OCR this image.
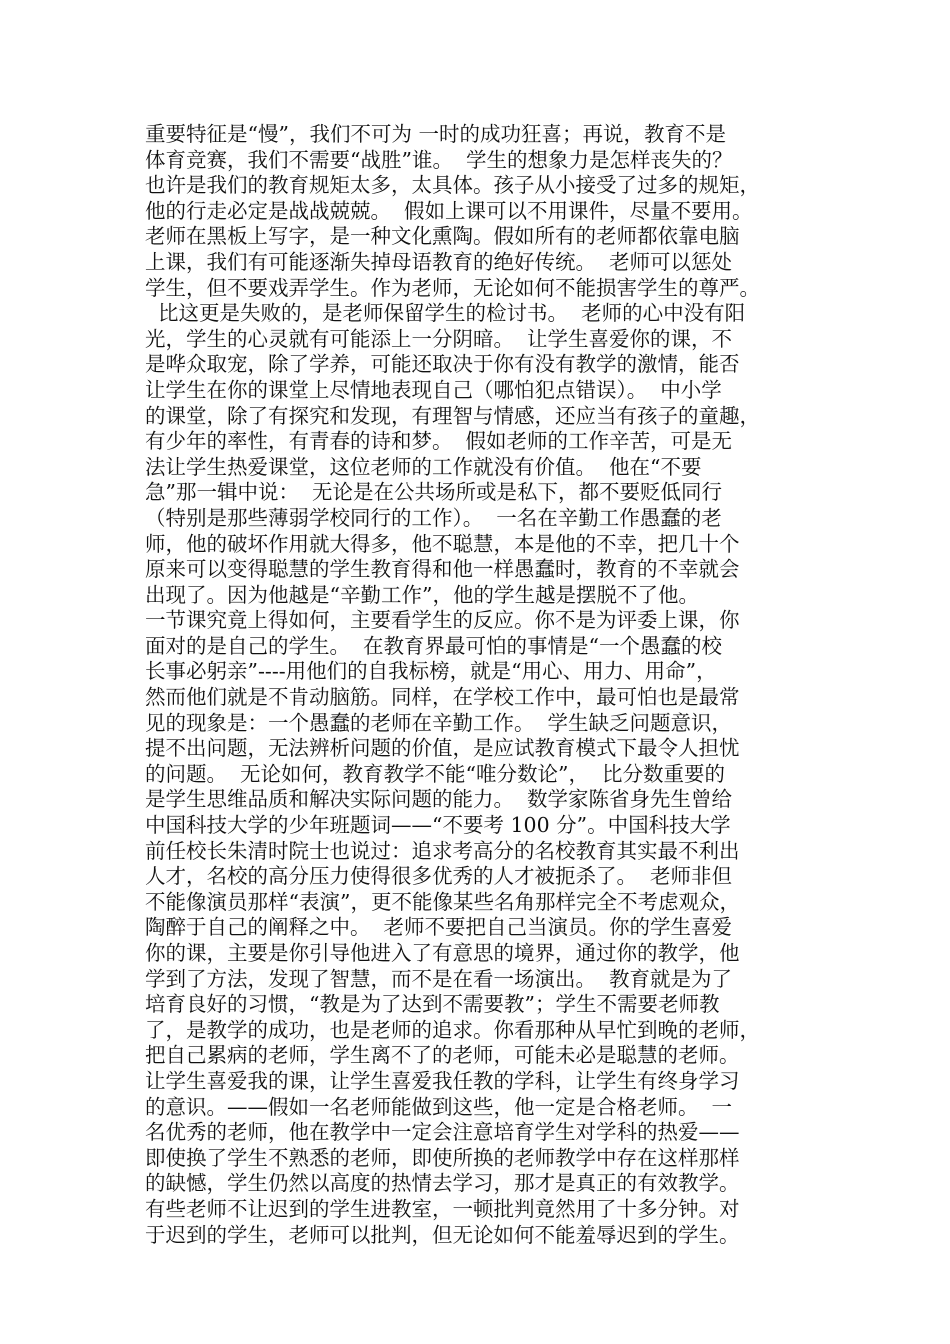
重要特征是“慢”，我们不可为 一时的成功狂喜；再说，教育不是
体育竞赛，我们不需要“战胜”谁。  学生的想象力是怎样丧失的？
也许是我们的教育规矩太多，太具体。孩子从小接受了过多的规矩，
他的行走必定是战战兢兢。  假如上课可以不用课件，尽量不要用。
老师在黑板上写字，是一种文化熏陶。假如所有的老师都依靠电脑
上课，我们有可能逐渐失掉母语教育的绝好传统。  老师可以惩处
学生，但不要戏弄学生。作为老师，无论如何不能损害学生的尊严。
比这更是失败的，是老师保留学生的检讨书。  老师的心中没有阳
光，学生的心灵就有可能添上一分阴暗。  让学生喜爱你的课，不
是哗众取宠，除了学养，可能还取决于你有没有教学的激情，能否
让学生在你的课堂上尽情地表现自己（哪怕犯点错误）。  中小学
的课堂，除了有探究和发现，有理智与情感，还应当有孩子的童趣，
有少年的率性，有青春的诗和梦。  假如老师的工作辛苦，可是无
法让学生热爱课堂，这位老师的工作就没有价值。  他在“不要
急”那一辑中说：  无论是在公共场所或是私下，都不要贬低同行
（特别是那些薄弱学校同行的工作）。  一名在辛勤工作愚蠢的老
师，他的破坏作用就大得多，他不聪慧，本是他的不幸，把几十个
原来可以变得聪慧的学生教育得和他一样愚蠢时，教育的不幸就会
出现了。因为他越是“辛勤工作”，他的学生越是摆脱不了他。
一节课究竟上得如何，主要看学生的反应。你不是为评委上课，你
面对的是自己的学生。  在教育界最可怕的事情是“一个愚蠢的校
长事必躬亲”----用他们的自我标榜，就是“用心、用力、用命”，
然而他们就是不肯动脑筋。同样，在学校工作中，最可怕也是最常
见的现象是：一个愚蠢的老师在辛勤工作。  学生缺乏问题意识，
提不出问题，无法辨析问题的价值，是应试教育模式下最令人担忧
的问题。  无论如何，教育教学不能“唯分数论”，  比分数重要的
是学生思维品质和解决实际问题的能力。  数学家陈省身先生曾给
中国科技大学的少年班题词——“不要考 100 分”。中国科技大学
前任校长朱清时院士也说过：追求考高分的名校教育其实最不利出
人才，名校的高分压力使得很多优秀的人才被扼杀了。  老师非但
不能像演员那样“表演”，更不能像某些名角那样完全不考虑观众，
陶醉于自己的阐释之中。  老师不要把自己当演员。你的学生喜爱
你的课，主要是你引导他进入了有意思的境界，通过你的教学，他
学到了方法，发现了智慧，而不是在看一场演出。  教育就是为了
培育良好的习惯，“教是为了达到不需要教”；学生不需要老师教
了，是教学的成功，也是老师的追求。你看那种从早忙到晚的老师，
把自己累病的老师，学生离不了的老师，可能未必是聪慧的老师。
让学生喜爱我的课，让学生喜爱我任教的学科，让学生有终身学习
的意识。——假如一名老师能做到这些，他一定是合格老师。  一
名优秀的老师，他在教学中一定会注意培育学生对学科的热爱——
即使换了学生不熟悉的老师，即使所换的老师教学中存在这样那样
的缺憾，学生仍然以高度的热情去学习，那才是真正的有效教学。
有些老师不让迟到的学生进教室，一顿批判竟然用了十多分钟。对
于迟到的学生，老师可以批判，但无论如何不能羞辱迟到的学生。
